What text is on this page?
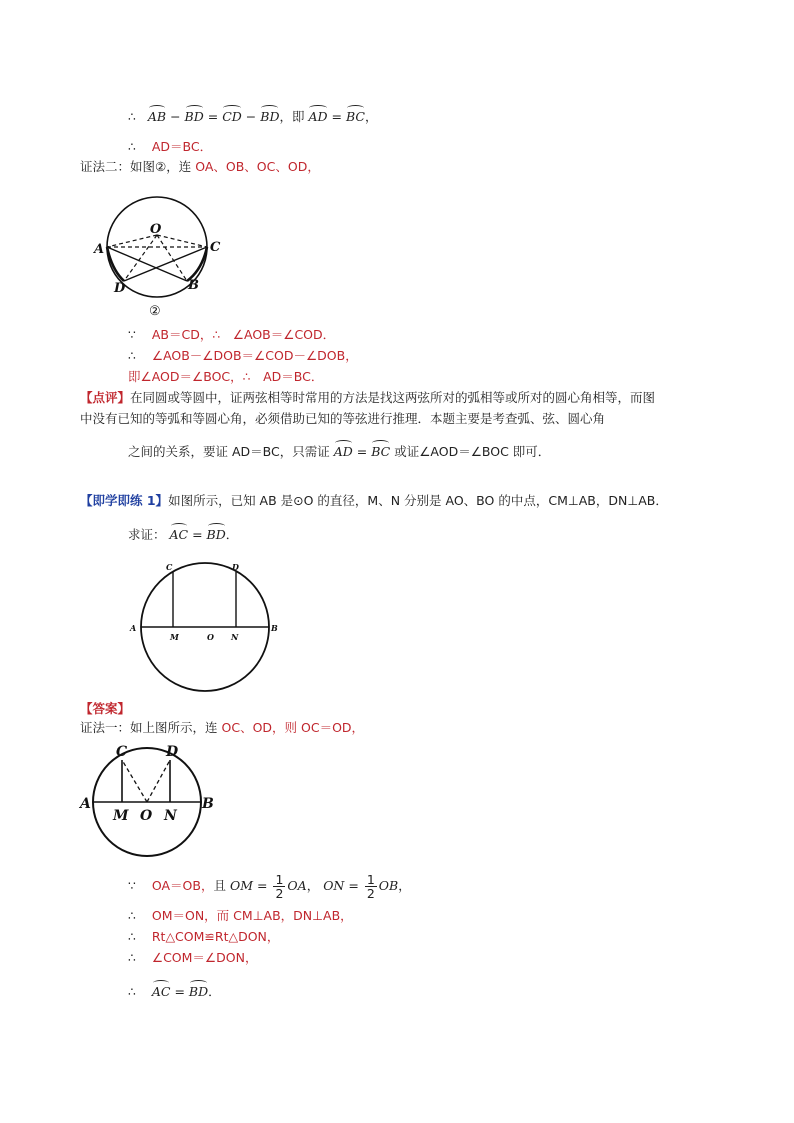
∴ AB − BD = CD − BD，即 AD = BC，
∴ AD＝BC．
证法二：如图②，连 OA、OB、OC、OD，
O
A	C
D	B
②
∵ AB＝CD，∴　∠AOB＝∠COD．
∴ ∠AOB－∠DOB＝∠COD－∠DOB，
即∠AOD＝∠BOC，∴　AD＝BC．
【点评】在同圆或等圆中，证两弦相等时常用的方法是找这两弦所对的弧相等或所对的圆心角相等，而图
中没有已知的等弧和等圆心角，必须借助已知的等弦进行推理．本题主要是考查弧、弦、圆心角
之间的关系，要证 AD＝BC，只需证 AD = BC 或证∠AOD＝∠BOC 即可．
【即学即练 1】如图所示，已知 AB 是⊙O 的直径，M、N 分别是 AO、BO 的中点，CM⊥AB，DN⊥AB．
求证： AC = BD．
C	D
A
M	O N
B
【答案】
证法一：如上图所示，连 OC、OD，则 OC＝OD，
C	D
A	B
M O N
∵ OA＝OB，且 OM = $\frac{1}{2}$ OA， ON = $\frac{1}{2}$ OB，
∴ OM＝ON，而 CM⊥AB，DN⊥AB，
∴ Rt△COM≌Rt△DON，
∴ ∠COM＝∠DON，
∴ AC = BD．
